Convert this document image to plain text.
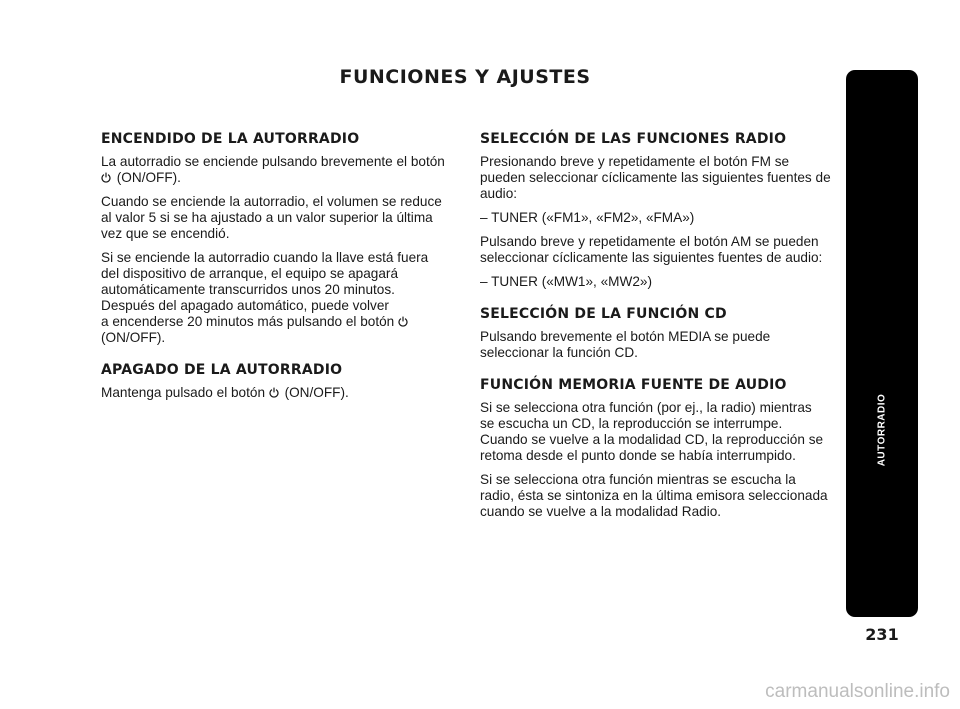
FUNCIONES Y AJUSTES
ENCENDIDO DE LA AUTORRADIO
La autorradio se enciende pulsando brevemente el botón
(ON/OFF).
Cuando se enciende la autorradio, el volumen se reduce
al valor 5 si se ha ajustado a un valor superior la última
vez que se encendió.
Si se enciende la autorradio cuando la llave está fuera
del dispositivo de arranque, el equipo se apagará
automáticamente transcurridos unos 20 minutos.
Después del apagado automático, puede volver
a encenderse 20 minutos más pulsando el botón
(ON/OFF).
APAGADO DE LA AUTORRADIO
Mantenga pulsado el botón (ON/OFF).
SELECCIÓN DE LAS FUNCIONES RADIO
Presionando breve y repetidamente el botón FM se
pueden seleccionar cíclicamente las siguientes fuentes de
audio:
– TUNER («FM1», «FM2», «FMA»)
Pulsando breve y repetidamente el botón AM se pueden
seleccionar cíclicamente las siguientes fuentes de audio:
– TUNER («MW1», «MW2»)
SELECCIÓN DE LA FUNCIÓN CD
Pulsando brevemente el botón MEDIA se puede
seleccionar la función CD.
FUNCIÓN MEMORIA FUENTE DE AUDIO
Si se selecciona otra función (por ej., la radio) mientras
se escucha un CD, la reproducción se interrumpe.
Cuando se vuelve a la modalidad CD, la reproducción se
retoma desde el punto donde se había interrumpido.
Si se selecciona otra función mientras se escucha la
radio, ésta se sintoniza en la última emisora seleccionada
cuando se vuelve a la modalidad Radio.
AUTORRADIO
231
carmanualsonline.info
